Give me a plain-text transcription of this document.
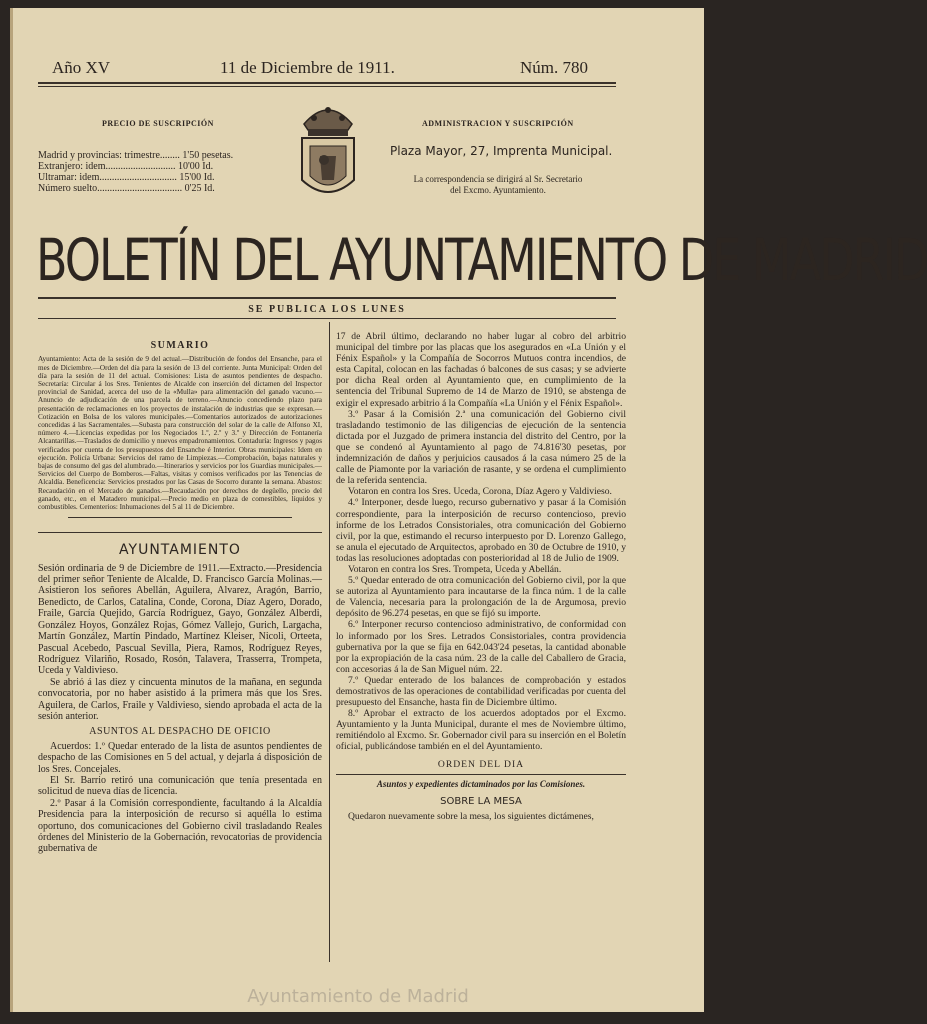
Año XV	11 de Diciembre de 1911.	Núm. 780
PRECIO DE SUSCRIPCIÓN
Madrid y provincias: trimestre........ 1'50 pesetas.
Extranjero: idem............................ 10'00 Id.
Ultramar: idem............................... 15'00 Id.
Número suelto.................................. 0'25 Id.
ADMINISTRACION Y SUSCRIPCIÓN
Plaza Mayor, 27, Imprenta Municipal.
La correspondencia se dirigirá al Sr. Secretario
del Excmo. Ayuntamiento.
BOLETÍN DEL AYUNTAMIENTO DE MADRID
SE PUBLICA LOS LUNES
SUMARIO

Ayuntamiento: Acta de la sesión de 9 del actual.—Distribución de fondos del Ensanche, para el mes de Diciembre.—Orden del día para la sesión de 13 del corriente. Junta Municipal: Orden del día para la sesión de 11 del actual. Comisiones: Lista de asuntos pendientes de despacho. Secretaría: Circular á los Sres. Tenientes de Alcalde con inserción del dictamen del Inspector provincial de Sanidad, acerca del uso de la «Mulla» para alimentación del ganado vacuno.—Anuncio de adjudicación de una parcela de terreno.—Anuncio concediendo plazo para presentación de reclamaciones en los proyectos de instalación de industrias que se expresan.—Cotización en Bolsa de los valores municipales.—Comentarios autorizados de autorizaciones concedidas á las Sacramentales.—Subasta para construcción del solar de la calle de Alfonso XI, número 4.—Licencias expedidas por los Negociados 1.º, 2.º y 3.º y Dirección de Fontanería Alcantarillas.—Traslados de domicilio y nuevos empadronamientos. Contaduría: Ingresos y pagos verificados por cuenta de los presupuestos del Ensanche é Interior. Obras municipales: Idem en ejecución. Policía Urbana: Servicios del ramo de Limpiezas.—Comprobación, bajas naturales y bajas de consumo del gas del alumbrado.—Itinerarios y servicios por los Guardias municipales.—Servicios del Cuerpo de Bomberos.—Faltas, visitas y comisos verificados por las Tenencias de Alcaldía. Beneficencia: Servicios prestados por las Casas de Socorro durante la semana. Abastos: Recaudación en el Mercado de ganados.—Recaudación por derechos de degüello, precio del ganado, etc., en el Matadero municipal.—Precio medio en plaza de comestibles, líquidos y combustibles. Cementerios: Inhumaciones del 5 al 11 de Diciembre.

AYUNTAMIENTO

Sesión ordinaria de 9 de Diciembre de 1911.—Extracto.—Presidencia del primer señor Teniente de Alcalde, D. Francisco García Molinas.—Asistieron los señores Abellán, Aguilera, Alvarez, Aragón, Barrio, Benedicto, de Carlos, Catalina, Conde, Corona, Díaz Agero, Dorado, Fraile, García Quejido, García Rodríguez, Gayo, González Alberdi, González Hoyos, González Rojas, Gómez Vallejo, Gurich, Largacha, Martín González, Martín Pindado, Martínez Kleiser, Nicoli, Orteeta, Pascual Acebedo, Pascual Sevilla, Piera, Ramos, Rodríguez Reyes, Rodríguez Vilariño, Rosado, Rosón, Talavera, Trasserra, Trompeta, Uceda y Valdivieso.

Se abrió á las diez y cincuenta minutos de la mañana, en segunda convocatoria, por no haber asistido á la primera más que los Sres. Aguilera, de Carlos, Fraile y Valdivieso, siendo aprobada el acta de la sesión anterior.

ASUNTOS AL DESPACHO DE OFICIO

Acuerdos: 1.º Quedar enterado de la lista de asuntos pendientes de despacho de las Comisiones en 5 del actual, y dejarla á disposición de los Sres. Concejales.

El Sr. Barrio retiró una comunicación que tenía presentada en solicitud de nueva días de licencia.

2.º Pasar á la Comisión correspondiente, facultando á la Alcaldía Presidencia para la interposición de recurso si aquélla lo estima oportuno, dos comunicaciones del Gobierno civil trasladando Reales órdenes del Ministerio de la Gobernación, revocatorias de providencia gubernativa de

17 de Abril último, declarando no haber lugar al cobro del arbitrio municipal del timbre por las placas que los asegurados en «La Unión y el Fénix Español» y la Compañía de Socorros Mutuos contra incendios, de esta Capital, colocan en las fachadas ó balcones de sus casas; y se advierte por dicha Real orden al Ayuntamiento que, en cumplimiento de la sentencia del Tribunal Supremo de 14 de Marzo de 1910, se abstenga de exigir el expresado arbitrio á la Compañía «La Unión y el Fénix Español».

3.º Pasar á la Comisión 2.ª una comunicación del Gobierno civil trasladando testimonio de las diligencias de ejecución de la sentencia dictada por el Juzgado de primera instancia del distrito del Centro, por la que se condenó al Ayuntamiento al pago de 74.816'30 pesetas, por indemnización de daños y perjuicios causados á la casa número 25 de la calle de Piamonte por la variación de rasante, y se ordena el cumplimiento de la referida sentencia.

Votaron en contra los Sres. Uceda, Corona, Díaz Agero y Valdivieso.

4.º Interponer, desde luego, recurso gubernativo y pasar á la Comisión correspondiente, para la interposición de recurso contencioso, previo informe de los Letrados Consistoriales, otra comunicación del Gobierno civil, por la que, estimando el recurso interpuesto por D. Lorenzo Gallego, se anula el ejecutado de Arquitectos, aprobado en 30 de Octubre de 1910, y todas las resoluciones adoptadas con posterioridad al 18 de Julio de 1909.

Votaron en contra los Sres. Trompeta, Uceda y Abellán.

5.º Quedar enterado de otra comunicación del Gobierno civil, por la que se autoriza al Ayuntamiento para incautarse de la finca núm. 1 de la calle de Valencia, necesaria para la prolongación de la de Argumosa, previo depósito de 96.274 pesetas, en que se fijó su importe.

6.º Interponer recurso contencioso administrativo, de conformidad con lo informado por los Sres. Letrados Consistoriales, contra providencia gubernativa por la que se fija en 642.043'24 pesetas, la cantidad abonable por la expropiación de la casa núm. 23 de la calle del Caballero de Gracia, con accesorias á la de San Miguel núm. 22.

7.º Quedar enterado de los balances de comprobación y estados demostrativos de las operaciones de contabilidad verificadas por cuenta del presupuesto del Ensanche, hasta fin de Diciembre último.

8.º Aprobar el extracto de los acuerdos adoptados por el Excmo. Ayuntamiento y la Junta Municipal, durante el mes de Noviembre último, remitiéndolo al Excmo. Sr. Gobernador civil para su inserción en el Boletín oficial, publicándose también en el del Ayuntamiento.

ORDEN DEL DIA
Asuntos y expedientes dictaminados por las Comisiones.
SOBRE LA MESA

Quedaron nuevamente sobre la mesa, los siguientes dictámenes,

Ayuntamiento de Madrid
